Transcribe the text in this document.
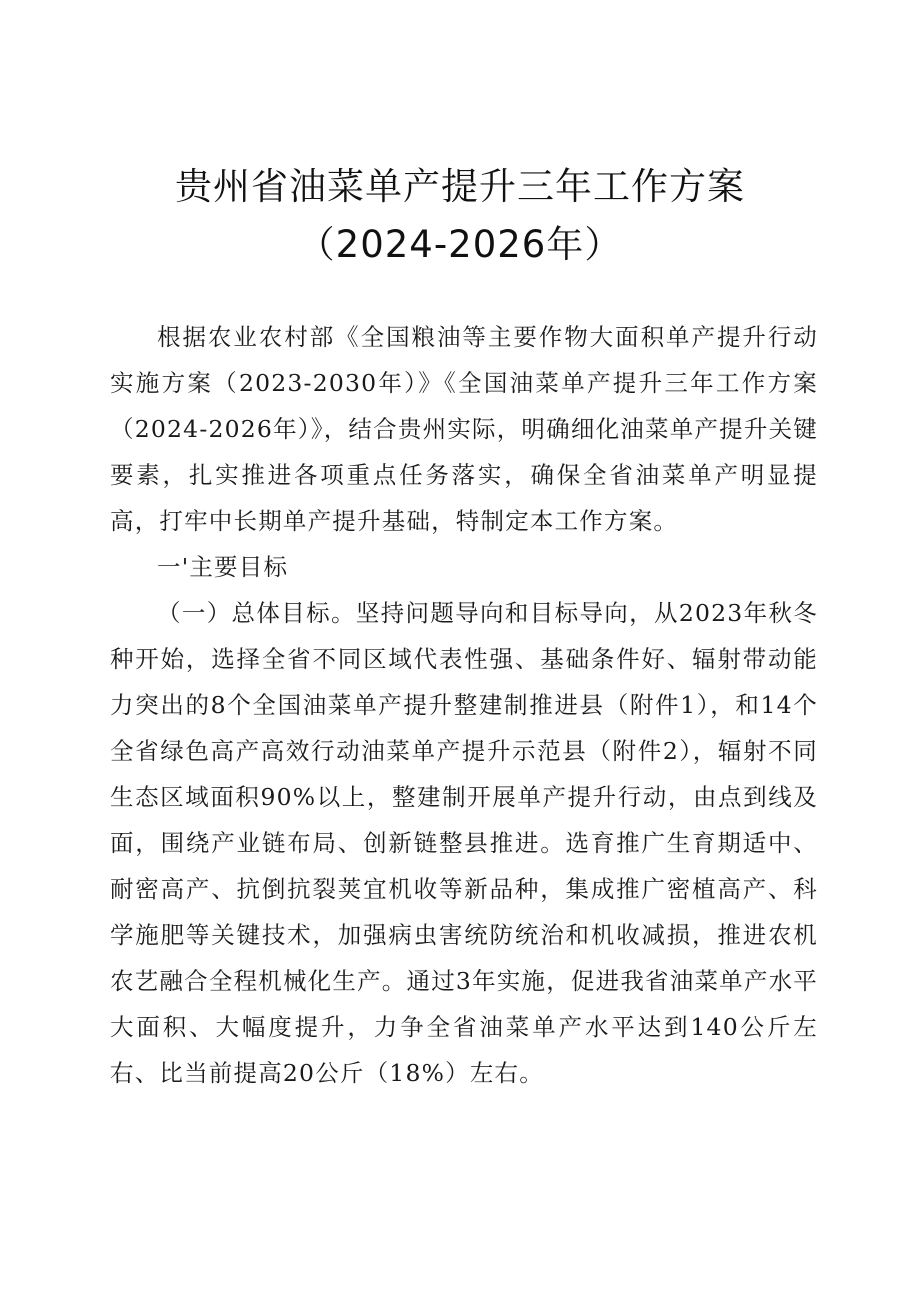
贵州省油菜单产提升三年工作方案
（2024-2026年）

根据农业农村部《全国粮油等主要作物大面积单产提升行动实施方案（2023-2030年）》《全国油菜单产提升三年工作方案（2024-2026年）》，结合贵州实际，明确细化油菜单产提升关键要素，扎实推进各项重点任务落实，确保全省油菜单产明显提高，打牢中长期单产提升基础，特制定本工作方案。

一'主要目标

（一）总体目标。坚持问题导向和目标导向，从2023年秋冬种开始，选择全省不同区域代表性强、基础条件好、辐射带动能力突出的8个全国油菜单产提升整建制推进县（附件1），和14个全省绿色高产高效行动油菜单产提升示范县（附件2），辐射不同生态区域面积90%以上，整建制开展单产提升行动，由点到线及面，围绕产业链布局、创新链整县推进。选育推广生育期适中、耐密高产、抗倒抗裂荚宜机收等新品种，集成推广密植高产、科学施肥等关键技术，加强病虫害统防统治和机收减损，推进农机农艺融合全程机械化生产。通过3年实施，促进我省油菜单产水平大面积、大幅度提升，力争全省油菜单产水平达到140公斤左右、比当前提高20公斤（18%）左右。
